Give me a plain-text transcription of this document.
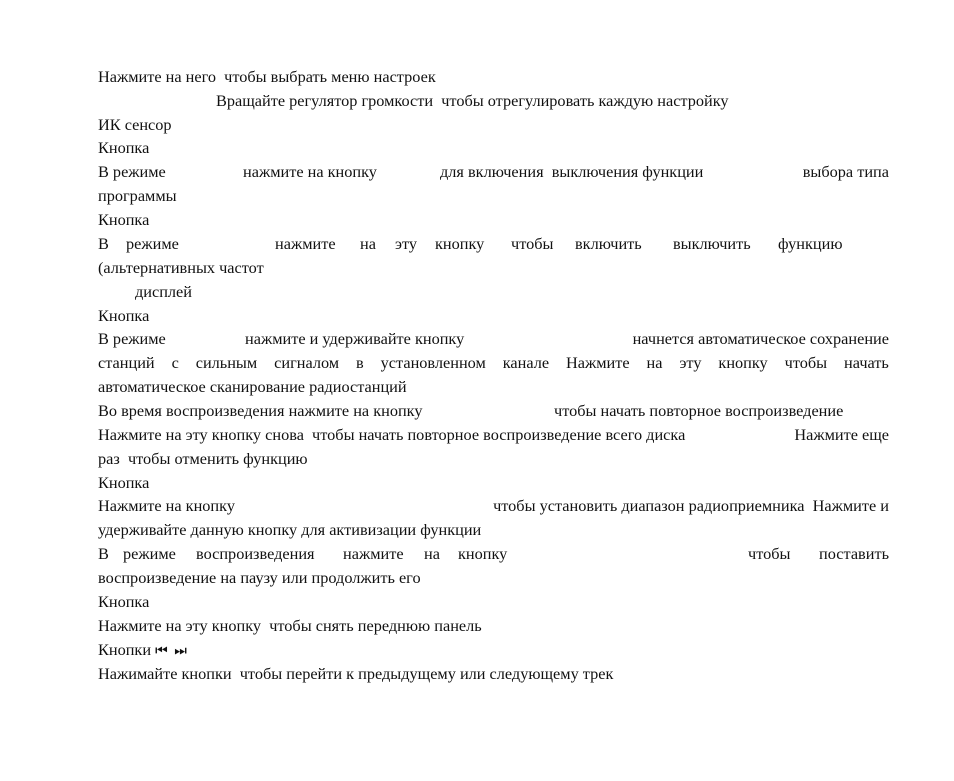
Нажмите на него  чтобы выбрать меню настроек
Вращайте регулятор громкости  чтобы отрегулировать каждую настройку
ИК сенсор
Кнопка
В режиме	нажмите на кнопку	для включения  выключения функции	выбора типа
программы
Кнопка
В режиме	нажмите на эту кнопку чтобы включить выключить функцию
(альтернативных частот
дисплей
Кнопка
В режиме	нажмите и удерживайте кнопку	начнется автоматическое сохранение
станций с сильным сигналом в установленном канале Нажмите на эту кнопку чтобы начать
автоматическое сканирование радиостанций
Во время воспроизведения нажмите на кнопку	чтобы начать повторное воспроизведение
Нажмите на эту кнопку снова  чтобы начать повторное воспроизведение всего диска	Нажмите еще
раз  чтобы отменить функцию
Кнопка
Нажмите на кнопку	чтобы установить диапазон радиоприемника  Нажмите и
удерживайте данную кнопку для активизации функции
В режиме воспроизведения нажмите на кнопку	чтобы поставить
воспроизведение на паузу или продолжить его
Кнопка
Нажмите на эту кнопку  чтобы снять переднюю панель
Кнопки ⏮ ⏭
Нажимайте кнопки  чтобы перейти к предыдущему или следующему трек
